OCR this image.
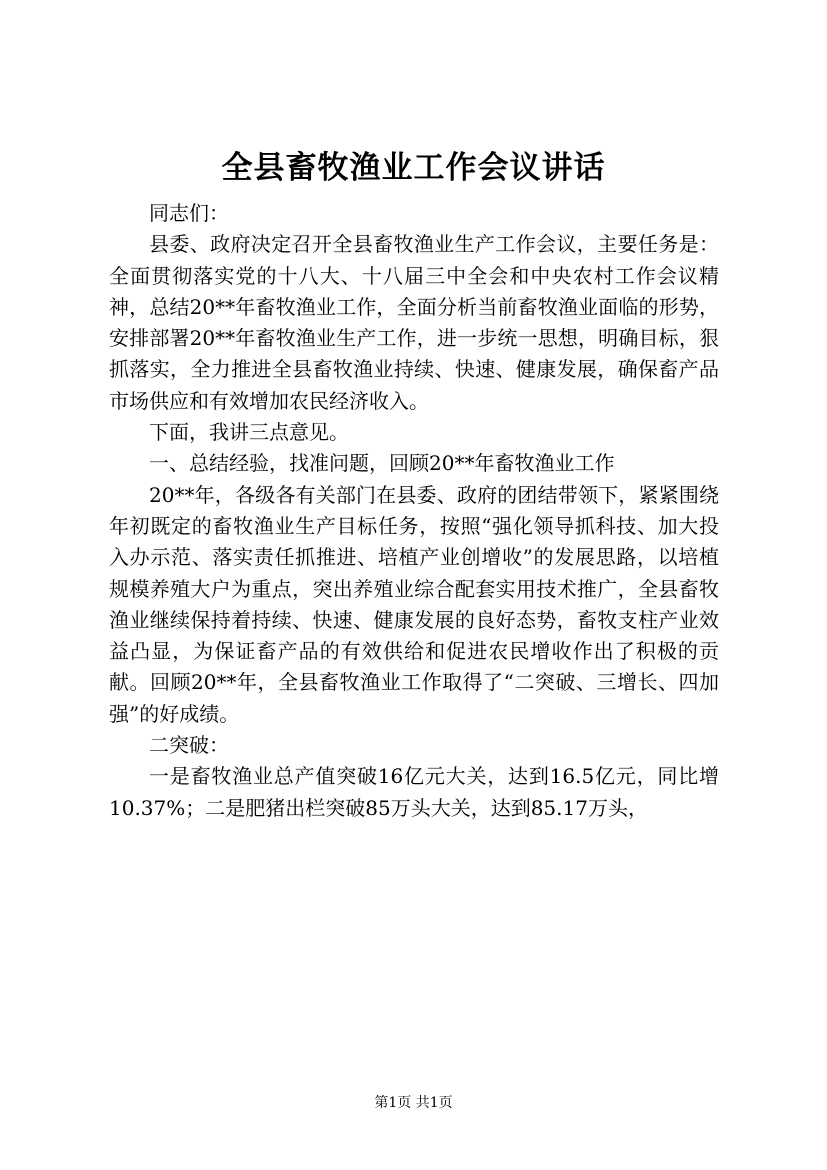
全县畜牧渔业工作会议讲话

同志们：

县委、政府决定召开全县畜牧渔业生产工作会议，主要任务是：全面贯彻落实党的十八大、十八届三中全会和中央农村工作会议精神，总结20**年畜牧渔业工作，全面分析当前畜牧渔业面临的形势，安排部署20**年畜牧渔业生产工作，进一步统一思想，明确目标，狠抓落实，全力推进全县畜牧渔业持续、快速、健康发展，确保畜产品市场供应和有效增加农民经济收入。

下面，我讲三点意见。

一、总结经验，找准问题，回顾20**年畜牧渔业工作

20**年，各级各有关部门在县委、政府的团结带领下，紧紧围绕年初既定的畜牧渔业生产目标任务，按照“强化领导抓科技、加大投入办示范、落实责任抓推进、培植产业创增收”的发展思路，以培植规模养殖大户为重点，突出养殖业综合配套实用技术推广，全县畜牧渔业继续保持着持续、快速、健康发展的良好态势，畜牧支柱产业效益凸显，为保证畜产品的有效供给和促进农民增收作出了积极的贡献。回顾20**年，全县畜牧渔业工作取得了“二突破、三增长、四加强”的好成绩。

二突破：

一是畜牧渔业总产值突破16亿元大关，达到16.5亿元，同比增10.37%；二是肥猪出栏突破85万头大关，达到85.17万头，

第1页 共1页
